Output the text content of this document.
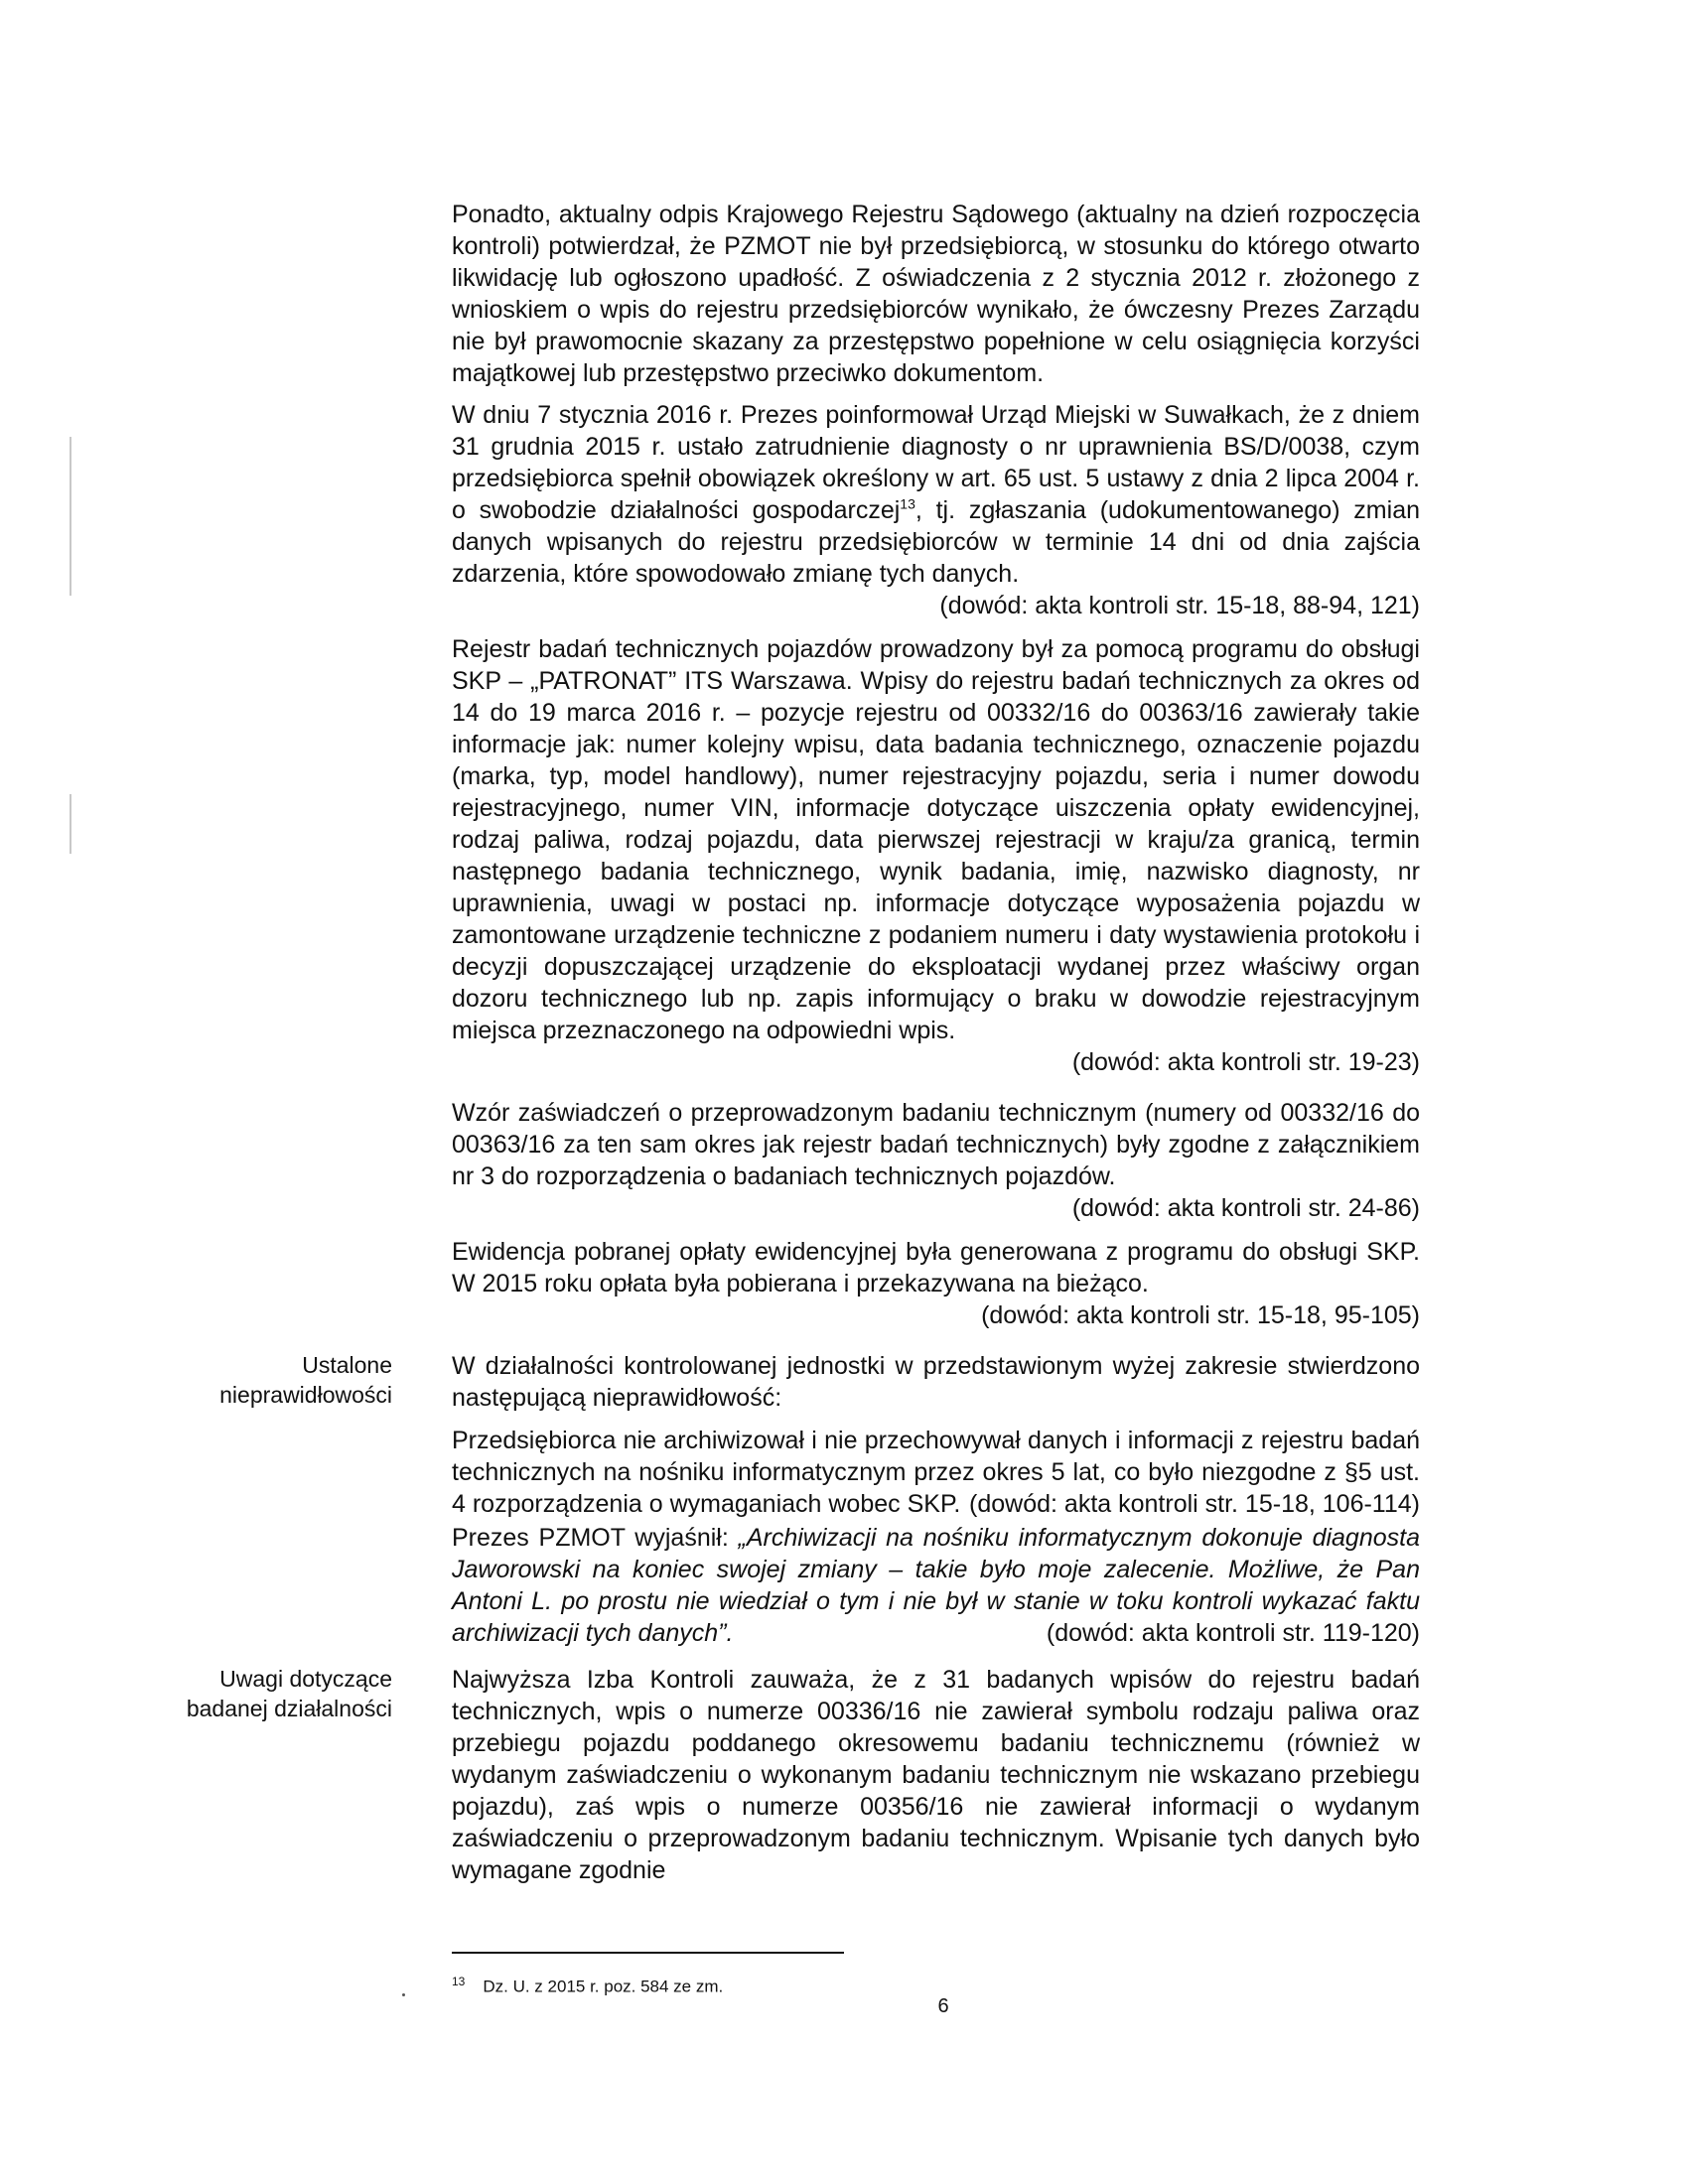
Ponadto, aktualny odpis Krajowego Rejestru Sądowego (aktualny na dzień rozpoczęcia kontroli) potwierdzał, że PZMOT nie był przedsiębiorcą, w stosunku do którego otwarto likwidację lub ogłoszono upadłość. Z oświadczenia z 2 stycznia 2012 r. złożonego z wnioskiem o wpis do rejestru przedsiębiorców wynikało, że ówczesny Prezes Zarządu nie był prawomocnie skazany za przestępstwo popełnione w celu osiągnięcia korzyści majątkowej lub przestępstwo przeciwko dokumentom.

W dniu 7 stycznia 2016 r. Prezes poinformował Urząd Miejski w Suwałkach, że z dniem 31 grudnia 2015 r. ustało zatrudnienie diagnosty o nr uprawnienia BS/D/0038, czym przedsiębiorca spełnił obowiązek określony w art. 65 ust. 5 ustawy z dnia 2 lipca 2004 r. o swobodzie działalności gospodarczej$^{13}$, tj. zgłaszania (udokumentowanego) zmian danych wpisanych do rejestru przedsiębiorców w terminie 14 dni od dnia zajścia zdarzenia, które spowodowało zmianę tych danych.

(dowód: akta kontroli str. 15-18, 88-94, 121)

Rejestr badań technicznych pojazdów prowadzony był za pomocą programu do obsługi SKP – „PATRONAT” ITS Warszawa. Wpisy do rejestru badań technicznych za okres od 14 do 19 marca 2016 r. – pozycje rejestru od 00332/16 do 00363/16 zawierały takie informacje jak: numer kolejny wpisu, data badania technicznego, oznaczenie pojazdu (marka, typ, model handlowy), numer rejestracyjny pojazdu, seria i numer dowodu rejestracyjnego, numer VIN, informacje dotyczące uiszczenia opłaty ewidencyjnej, rodzaj paliwa, rodzaj pojazdu, data pierwszej rejestracji w kraju/za granicą, termin następnego badania technicznego, wynik badania, imię, nazwisko diagnosty, nr uprawnienia, uwagi w postaci np. informacje dotyczące wyposażenia pojazdu w zamontowane urządzenie techniczne z podaniem numeru i daty wystawienia protokołu i decyzji dopuszczającej urządzenie do eksploatacji wydanej przez właściwy organ dozoru technicznego lub np. zapis informujący o braku w dowodzie rejestracyjnym miejsca przeznaczonego na odpowiedni wpis.

(dowód: akta kontroli str. 19-23)

Wzór zaświadczeń o przeprowadzonym badaniu technicznym (numery od 00332/16 do 00363/16 za ten sam okres jak rejestr badań technicznych) były zgodne z załącznikiem nr 3 do rozporządzenia o badaniach technicznych pojazdów.

(dowód: akta kontroli str. 24-86)

Ewidencja pobranej opłaty ewidencyjnej była generowana z programu do obsługi SKP. W 2015 roku opłata była pobierana i przekazywana na bieżąco.

(dowód: akta kontroli str. 15-18, 95-105)

Ustalone
nieprawidłowości

W działalności kontrolowanej jednostki w przedstawionym wyżej zakresie stwierdzono następującą nieprawidłowość:

Przedsiębiorca nie archiwizował i nie przechowywał danych i informacji z rejestru badań technicznych na nośniku informatycznym przez okres 5 lat, co było niezgodne z §5 ust. 4 rozporządzenia o wymaganiach wobec SKP. (dowód: akta kontroli str. 15-18, 106-114)

Prezes PZMOT wyjaśnił: „Archiwizacji na nośniku informatycznym dokonuje diagnosta Jaworowski na koniec swojej zmiany – takie było moje zalecenie. Możliwe, że Pan Antoni L. po prostu nie wiedział o tym i nie był w stanie w toku kontroli wykazać faktu archiwizacji tych danych”.	(dowód: akta kontroli str. 119-120)

Uwagi dotyczące
badanej działalności

Najwyższa Izba Kontroli zauważa, że z 31 badanych wpisów do rejestru badań technicznych, wpis o numerze 00336/16 nie zawierał symbolu rodzaju paliwa oraz przebiegu pojazdu poddanego okresowemu badaniu technicznemu (również w wydanym zaświadczeniu o wykonanym badaniu technicznym nie wskazano przebiegu pojazdu), zaś wpis o numerze 00356/16 nie zawierał informacji o wydanym zaświadczeniu o przeprowadzonym badaniu technicznym. Wpisanie tych danych było wymagane zgodnie

$^{13}$ Dz. U. z 2015 r. poz. 584 ze zm.
6
